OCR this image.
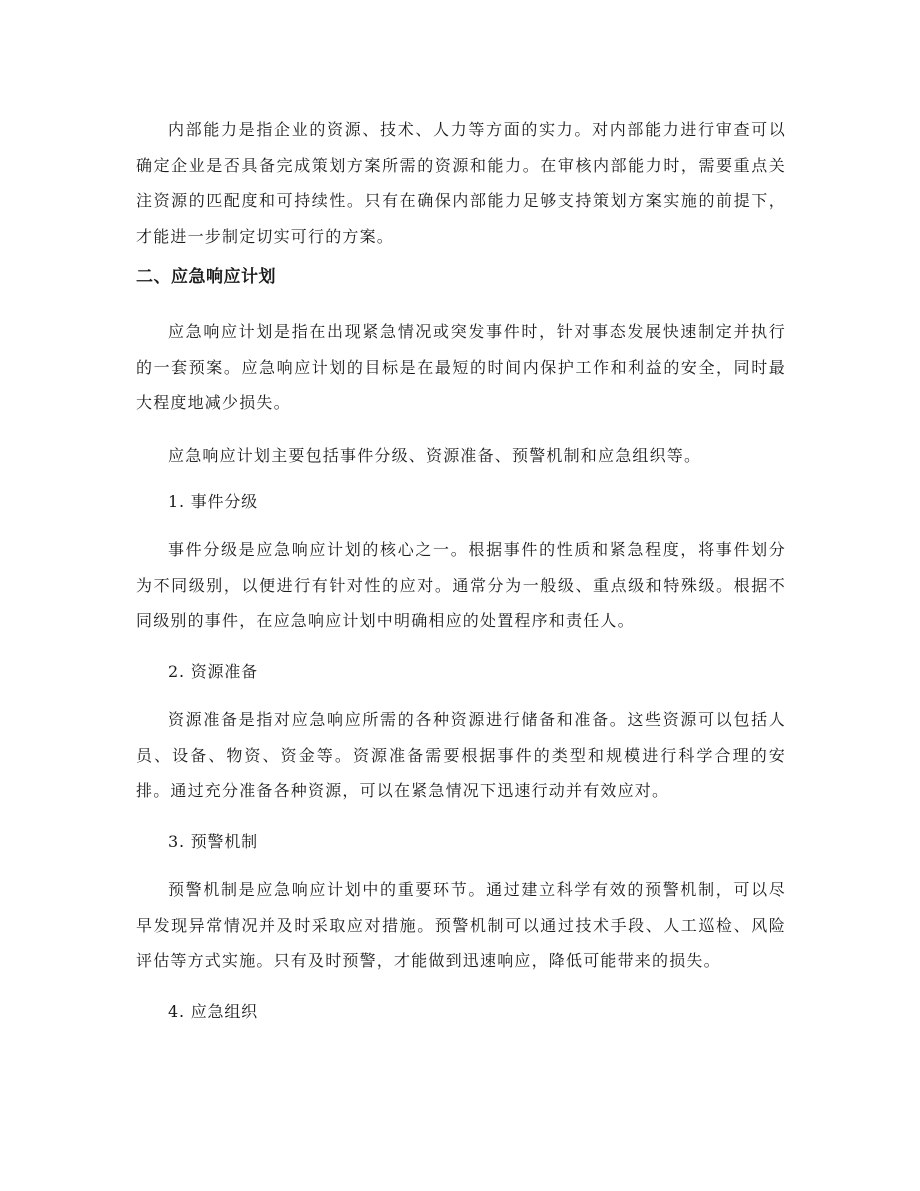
内部能力是指企业的资源、技术、人力等方面的实力。对内部能力进行审查可以确定企业是否具备完成策划方案所需的资源和能力。在审核内部能力时，需要重点关注资源的匹配度和可持续性。只有在确保内部能力足够支持策划方案实施的前提下，才能进一步制定切实可行的方案。

二、应急响应计划

应急响应计划是指在出现紧急情况或突发事件时，针对事态发展快速制定并执行的一套预案。应急响应计划的目标是在最短的时间内保护工作和利益的安全，同时最大程度地减少损失。

应急响应计划主要包括事件分级、资源准备、预警机制和应急组织等。

1. 事件分级

事件分级是应急响应计划的核心之一。根据事件的性质和紧急程度，将事件划分为不同级别，以便进行有针对性的应对。通常分为一般级、重点级和特殊级。根据不同级别的事件，在应急响应计划中明确相应的处置程序和责任人。

2. 资源准备

资源准备是指对应急响应所需的各种资源进行储备和准备。这些资源可以包括人员、设备、物资、资金等。资源准备需要根据事件的类型和规模进行科学合理的安排。通过充分准备各种资源，可以在紧急情况下迅速行动并有效应对。

3. 预警机制

预警机制是应急响应计划中的重要环节。通过建立科学有效的预警机制，可以尽早发现异常情况并及时采取应对措施。预警机制可以通过技术手段、人工巡检、风险评估等方式实施。只有及时预警，才能做到迅速响应，降低可能带来的损失。

4. 应急组织
